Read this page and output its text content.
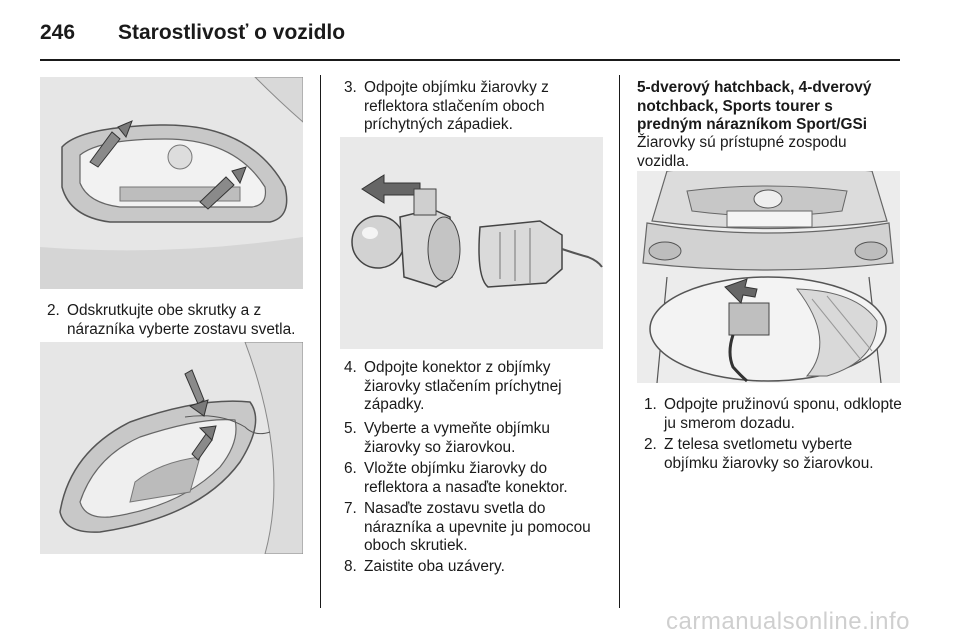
246	Starostlivosť o vozidlo
2. Odskrutkujte obe skrutky a z nárazníka vyberte zostavu svetla.
3. Odpojte objímku žiarovky z reflektora stlačením oboch príchytných západiek.
4. Odpojte konektor z objímky žiarovky stlačením príchytnej západky.
5. Vyberte a vymeňte objímku žiarovky so žiarovkou.
6. Vložte objímku žiarovky do reflektora a nasaďte konektor.
7. Nasaďte zostavu svetla do nárazníka a upevnite ju pomocou oboch skrutiek.
8. Zaistite oba uzávery.
5-dverový hatchback, 4-dverový notchback, Sports tourer s predným nárazníkom Sport/GSi
Žiarovky sú prístupné zospodu vozidla.
1. Odpojte pružinovú sponu, odklopte ju smerom dozadu.
2. Z telesa svetlometu vyberte objímku žiarovky so žiarovkou.
carmanualsonline.info
